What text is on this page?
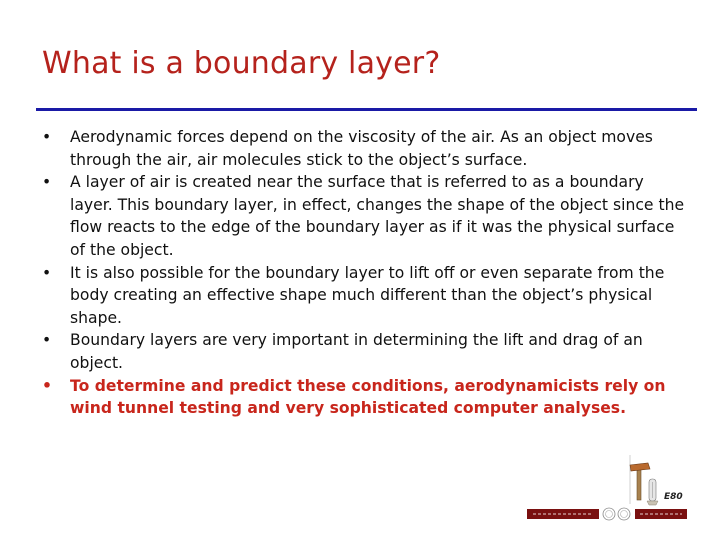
What is a boundary layer?
•	Aerodynamic forces depend on the viscosity of the air. As an object moves through the air, air molecules stick to the object’s surface.
•	A layer of air is created near the surface that is referred to as a boundary layer. This boundary layer, in effect, changes the shape of the object since the flow reacts to the edge of the boundary layer as if it was the physical surface of the object.
•	It is also possible for the boundary layer to lift off or even separate from the body creating an effective shape much different than the object’s physical shape.
•	Boundary layers are very important in determining the lift and drag of an object.
• To determine and predict these conditions, aerodynamicists rely on wind tunnel testing and very sophisticated computer analyses.
E80
